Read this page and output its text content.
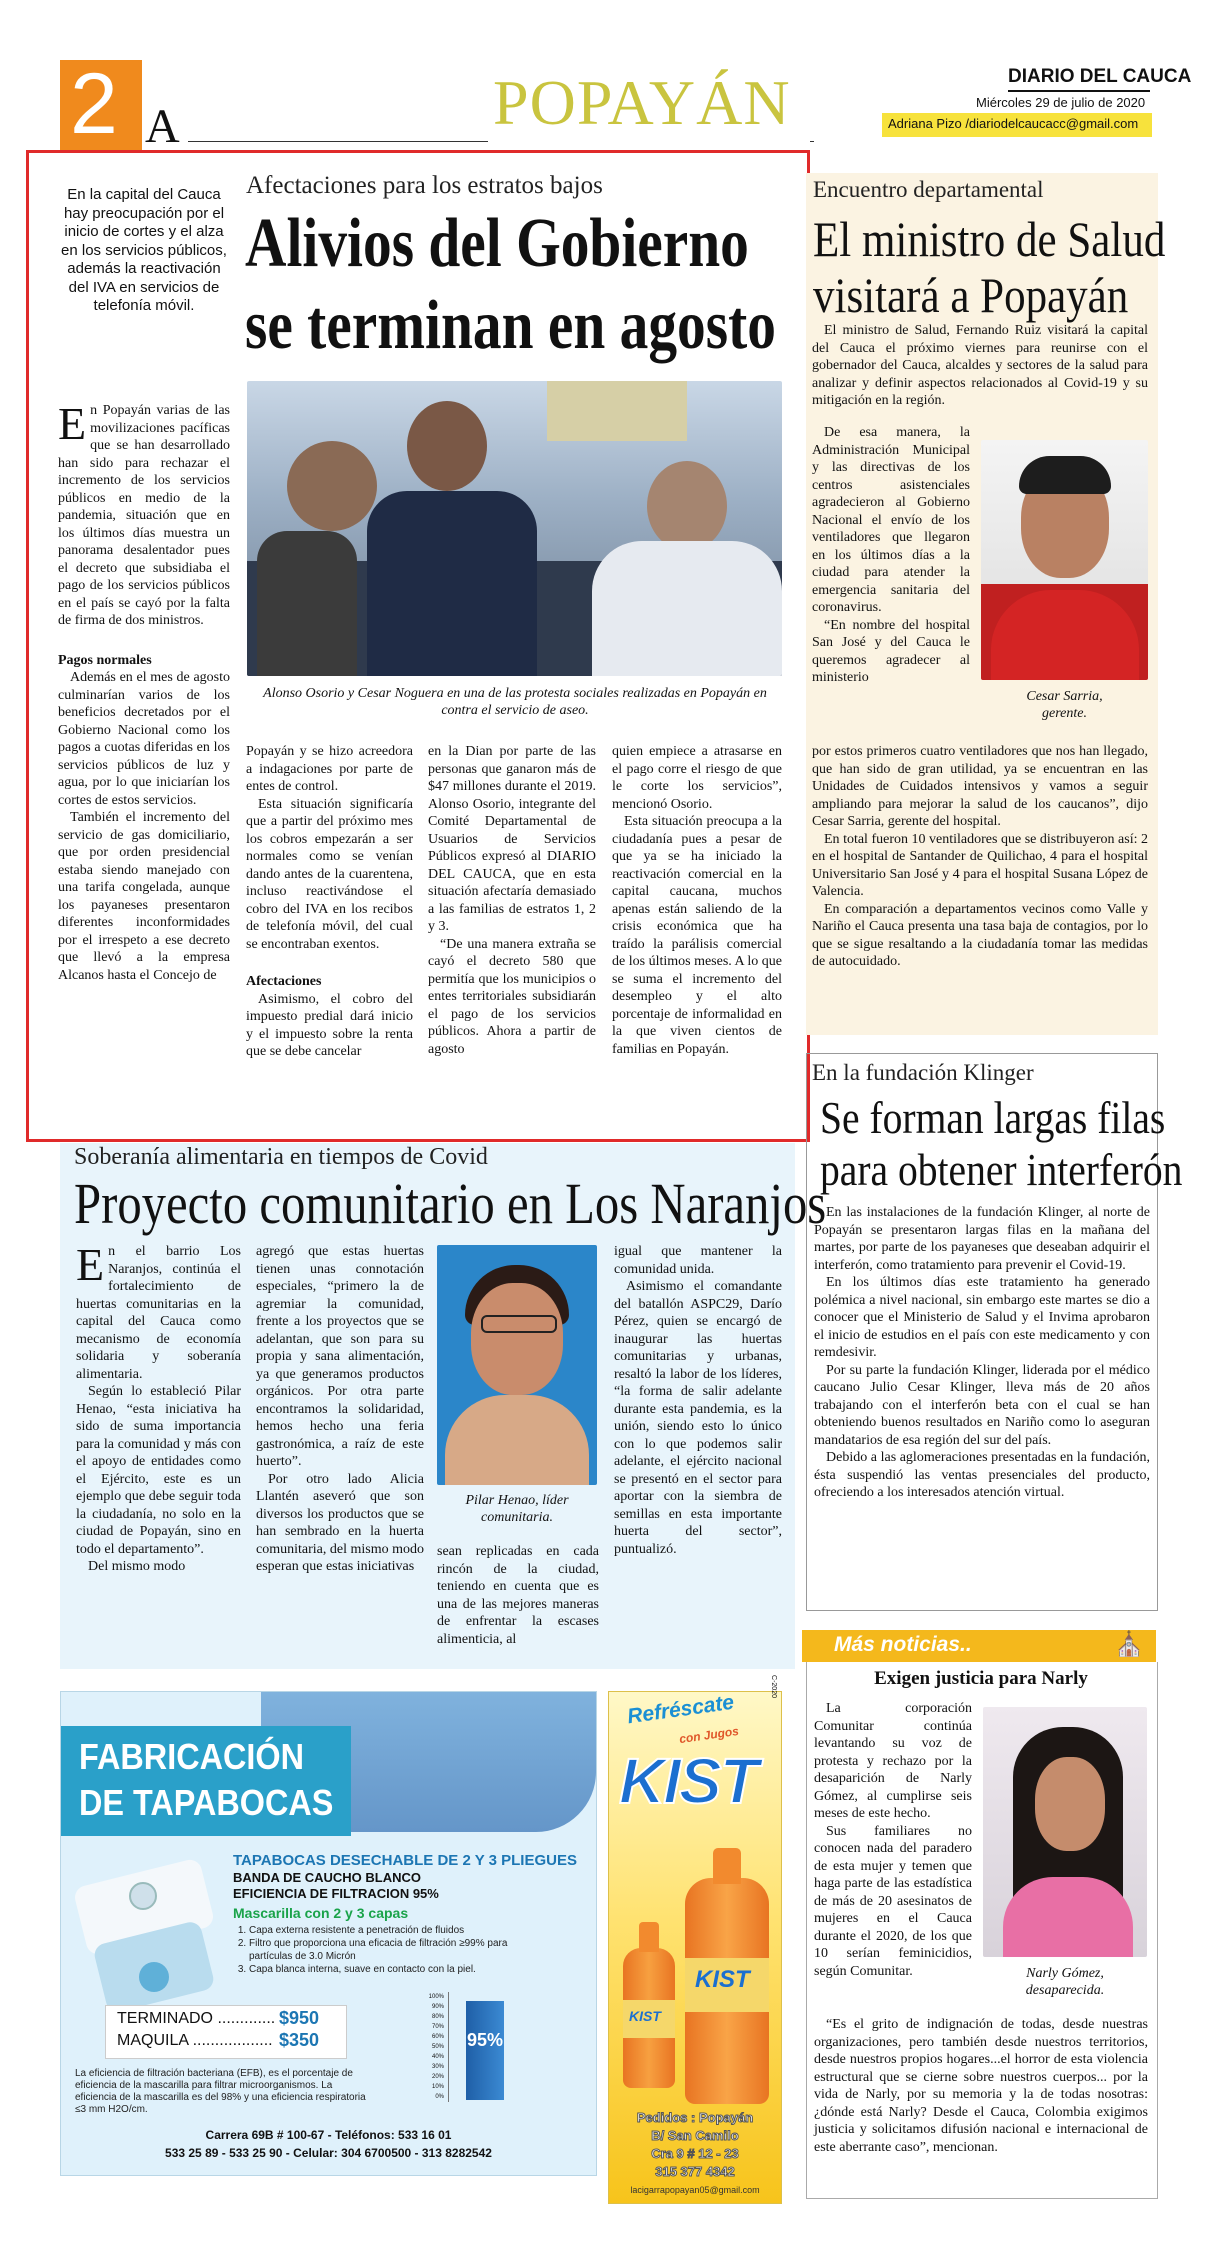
2 A	POPAYÁN	DIARIO DEL CAUCA
Miércoles 29 de julio de 2020
Adriana Pizo /diariodelcaucacc@gmail.com

En la capital del Cauca hay preocupación por el inicio de cortes y el alza en los servicios públicos, además la reactivación del IVA en servicios de telefonía móvil.

Afectaciones para los estratos bajos
Alivios del Gobierno
se terminan en agosto

Alonso Osorio y Cesar Noguera en una de las protesta sociales realizadas en Popayán en contra el servicio de aseo.

E n Popayán varias de las movilizaciones pacíficas que se han desarrollado han sido para rechazar el incremento de los servicios públicos en medio de la pandemia, situación que en los últimos días muestra un panorama desalentador pues el decreto que subsidiaba el pago de los servicios públicos en el país se cayó por la falta de firma de dos ministros.

Pagos normales

Además en el mes de agosto culminarían varios de los beneficios decretados por el Gobierno Nacional como los pagos a cuotas diferidas en los servicios públicos de luz y agua, por lo que iniciarían los cortes de estos servicios.

También el incremento del servicio de gas domiciliario, que por orden presidencial estaba siendo manejado con una tarifa congelada, aunque los payaneses presentaron diferentes inconformidades por el irrespeto a ese decreto que llevó a la empresa Alcanos hasta el Concejo de

Popayán y se hizo acreedora a indagaciones por parte de entes de control.

Esta situación significaría que a partir del próximo mes los cobros empezarán a ser normales como se venían dando antes de la cuarentena, incluso reactivándose el cobro del IVA en los recibos de telefonía móvil, del cual se encontraban exentos.

Afectaciones

Asimismo, el cobro del impuesto predial dará inicio y el impuesto sobre la renta que se debe cancelar

en la Dian por parte de las personas que ganaron más de $47 millones durante el 2019. Alonso Osorio, integrante del Comité Departamental de Usuarios de Servicios Públicos expresó al DIARIO DEL CAUCA, que en esta situación afectaría demasiado a las familias de estratos 1, 2 y 3.

“De una manera extraña se cayó el decreto 580 que permitía que los municipios o entes territoriales subsidiarán el pago de los servicios públicos. Ahora a partir de agosto

quien empiece a atrasarse en el pago corre el riesgo de que le corte los servicios”, mencionó Osorio.

Esta situación preocupa a la ciudadanía pues a pesar de que ya se ha iniciado la reactivación comercial en la capital caucana, muchos apenas están saliendo de la crisis económica que ha traído la parálisis comercial de los últimos meses. A lo que se suma el incremento del desempleo y el alto porcentaje de informalidad en la que viven cientos de familias en Popayán.

Encuentro departamental
El ministro de Salud
visitará a Popayán

El ministro de Salud, Fernando Ruiz visitará la capital del Cauca el próximo viernes para reunirse con el gobernador del Cauca, alcaldes y sectores de la salud para analizar y definir aspectos relacionados al Covid-19 y su mitigación en la región.

De esa manera, la Administración Municipal y las directivas de los centros asistenciales agradecieron al Gobierno Nacional el envío de los ventiladores que llegaron en los últimos días a la ciudad para atender la emergencia sanitaria del coronavirus.

“En nombre del hospital San José y del Cauca le queremos agradecer al ministerio

Cesar Sarria,

gerente.

por estos primeros cuatro ventiladores que nos han llegado, que han sido de gran utilidad, ya se encuentran en las Unidades de Cuidados intensivos y vamos a seguir ampliando para mejorar la salud de los caucanos”, dijo Cesar Sarria, gerente del hospital.

En total fueron 10 ventiladores que se distribuyeron así: 2 en el hospital de Santander de Quilichao, 4 para el hospital Universitario San José y 4 para el hospital Susana López de Valencia.

En comparación a departamentos vecinos como Valle y Nariño el Cauca presenta una tasa baja de contagios, por lo que se sigue resaltando a la ciudadanía tomar las medidas de autocuidado.

En la fundación Klinger
Se forman largas filas
para obtener interferón

En las instalaciones de la fundación Klinger, al norte de Popayán se presentaron largas filas en la mañana del martes, por parte de los payaneses que deseaban adquirir el interferón, como tratamiento para prevenir el Covid-19.

En los últimos días este tratamiento ha generado polémica a nivel nacional, sin embargo este martes se dio a conocer que el Ministerio de Salud y el Invima aprobaron el inicio de estudios en el país con este medicamento y con remdesivir.

Por su parte la fundación Klinger, liderada por el médico caucano Julio Cesar Klinger, lleva más de 20 años trabajando con el interferón beta con el cual se han obteniendo buenos resultados en Nariño como lo aseguran mandatarios de esa región del sur del país.

Debido a las aglomeraciones presentadas en la fundación, ésta suspendió las ventas presenciales del producto, ofreciendo a los interesados atención virtual.

Soberanía alimentaria en tiempos de Covid
Proyecto comunitario en Los Naranjos
E n el barrio Los Naranjos, continúa el fortalecimiento de huertas comunitarias en la capital del Cauca como mecanismo de economía solidaria y soberanía alimentaria.

Según lo estableció Pilar Henao, “esta iniciativa ha sido de suma importancia para la comunidad y más con el apoyo de entidades como el Ejército, este es un ejemplo que debe seguir toda la ciudadanía, no solo en la ciudad de Popayán, sino en todo el departamento”.

Del mismo modo

agregó que estas huertas tienen unas connotación especiales, “primero la de agremiar la comunidad, frente a los proyectos que se adelantan, que son para su propia y sana alimentación, ya que generamos productos orgánicos. Por otra parte encontramos la solidaridad, hemos hecho una feria gastronómica, a raíz de este huerto”.

Por otro lado Alicia Llantén aseveró que son diversos los productos que se han sembrado en la huerta comunitaria, del mismo modo esperan que estas iniciativas

Pilar Henao, líder

comunitaria.

sean replicadas en cada rincón de la ciudad, teniendo en cuenta que es una de las mejores maneras de enfrentar la escases alimenticia, al

igual que mantener la comunidad unida.

Asimismo el comandante del batallón ASPC29, Darío Pérez, quien se encargó de inaugurar las huertas comunitarias y urbanas, resaltó la labor de los líderes, “la forma de salir adelante durante esta pandemia, es la unión, siendo esto lo único con lo que podemos salir adelante, el ejército nacional se presentó en el sector para aportar con la siembra de semillas en esta importante huerta del sector”, puntualizó.

FABRICACIÓN
DE TAPABOCAS
TAPABOCAS DESECHABLE DE 2 Y 3 PLIEGUES
BANDA DE CAUCHO BLANCO
EFICIENCIA DE FILTRACION 95%
Mascarilla con 2 y 3 capas
1. Capa externa resistente a penetración de fluidos
2. Filtro que proporciona una eficacia de filtración ≥99% para partículas de 3.0 Micrón
3. Capa blanca interna, suave en contacto con la piel.
TERMINADO ............. $950
MAQUILA .................. $350
100%
90%
80%
70%
60%
50%
40%
30%
20%
10%
0%
95%

La eficiencia de filtración bacteriana (EFB), es el porcentaje de eficiencia de la mascarilla para filtrar microorganismos. La eficiencia de la mascarilla es del 98% y una eficiencia respiratoria ≤3 mm H2O/cm.

Carrera 69B # 100-67 - Teléfonos: 533 16 01

533 25 89 - 533 25 90 - Celular: 304 6700500 - 313 8282542

C-2020
Refréscate
con Jugos
KIST
KIST
KIST

Pedidos : Popayán

B/ San Camilo

Cra 9 # 12 - 23

315 377 4342

lacigarrapopayan05@gmail.com

Más noticias..	⛪

Exigen justicia para Narly

La corporación Comunitar continúa levantando su voz de protesta y rechazo por la desaparición de Narly Gómez, al cumplirse seis meses de este hecho.

Sus familiares no conocen nada del paradero de esta mujer y temen que haga parte de las estadística de más de 20 asesinatos de mujeres en el Cauca durante el 2020, de los que 10 serían feminicidios, según Comunitar.	Narly Gómez,

desaparecida.

“Es el grito de indignación de todas, desde nuestras organizaciones, pero también desde nuestros territorios, desde nuestros propios hogares...el horror de esta violencia estructural que se cierne sobre nuestros cuerpos... por la vida de Narly, por su memoria y la de todas nosotras: ¿dónde está Narly? Desde el Cauca, Colombia exigimos justicia y solicitamos difusión nacional e internacional de este aberrante caso”, mencionan.
